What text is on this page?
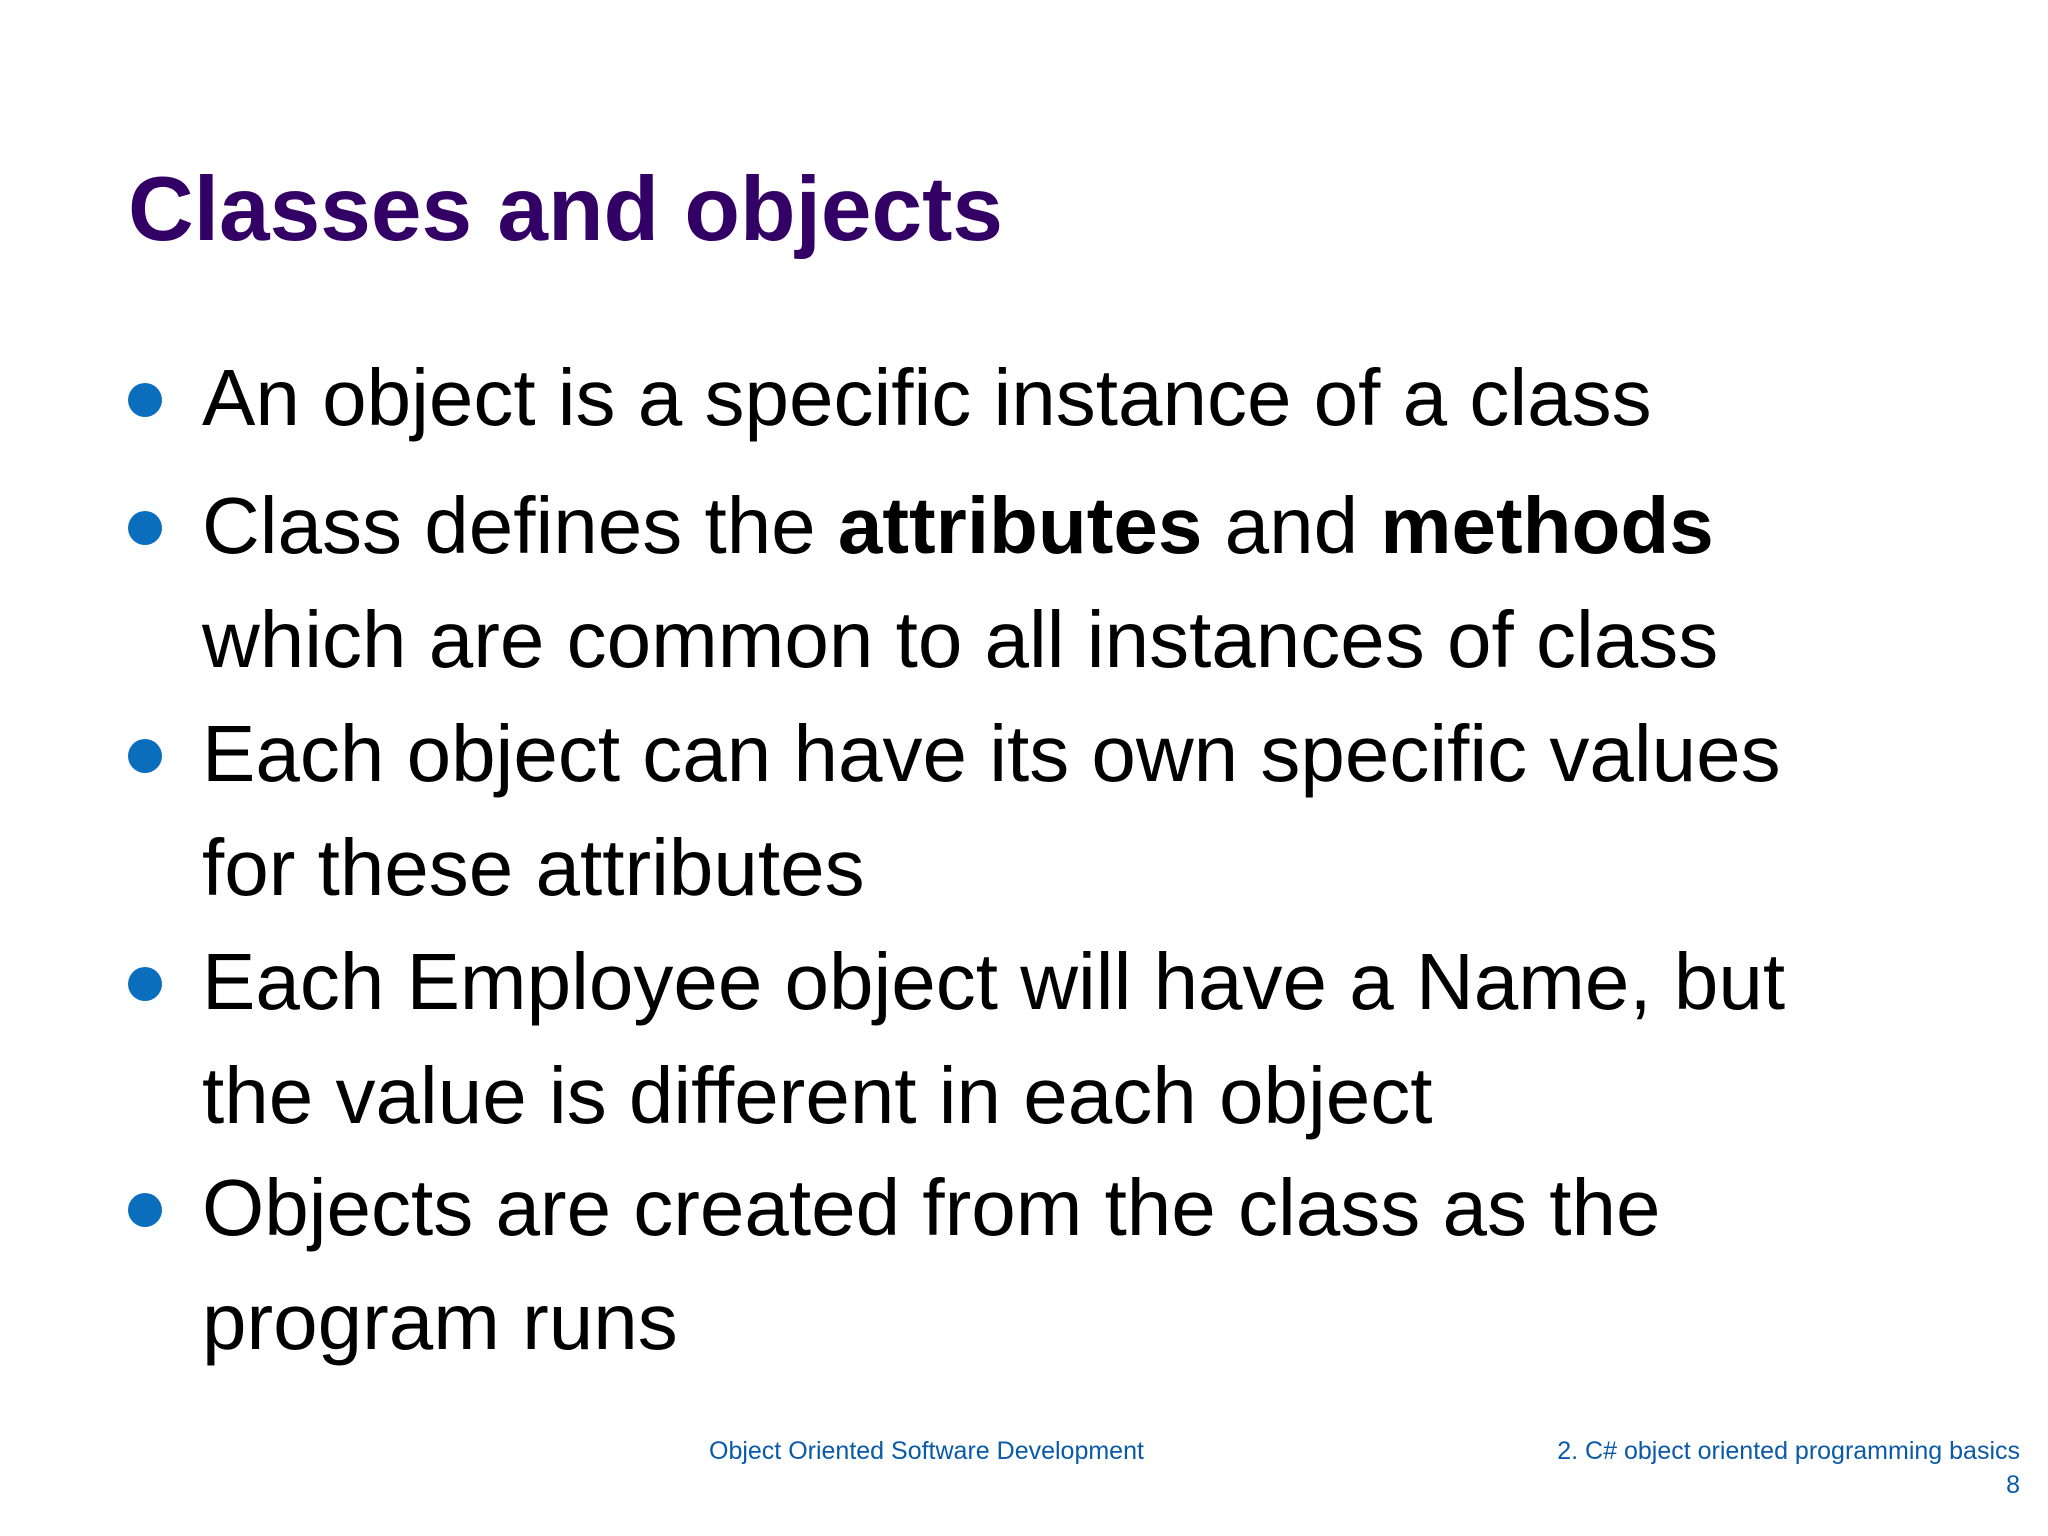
Classes and objects
An object is a specific instance of a class
Class defines the attributes and methods
which are common to all instances of class
Each object can have its own specific values
for these attributes
Each Employee object will have a Name, but
the value is different in each object
Objects are created from the class as the
program runs
Object Oriented Software Development	2. C# object oriented programming basics
8
